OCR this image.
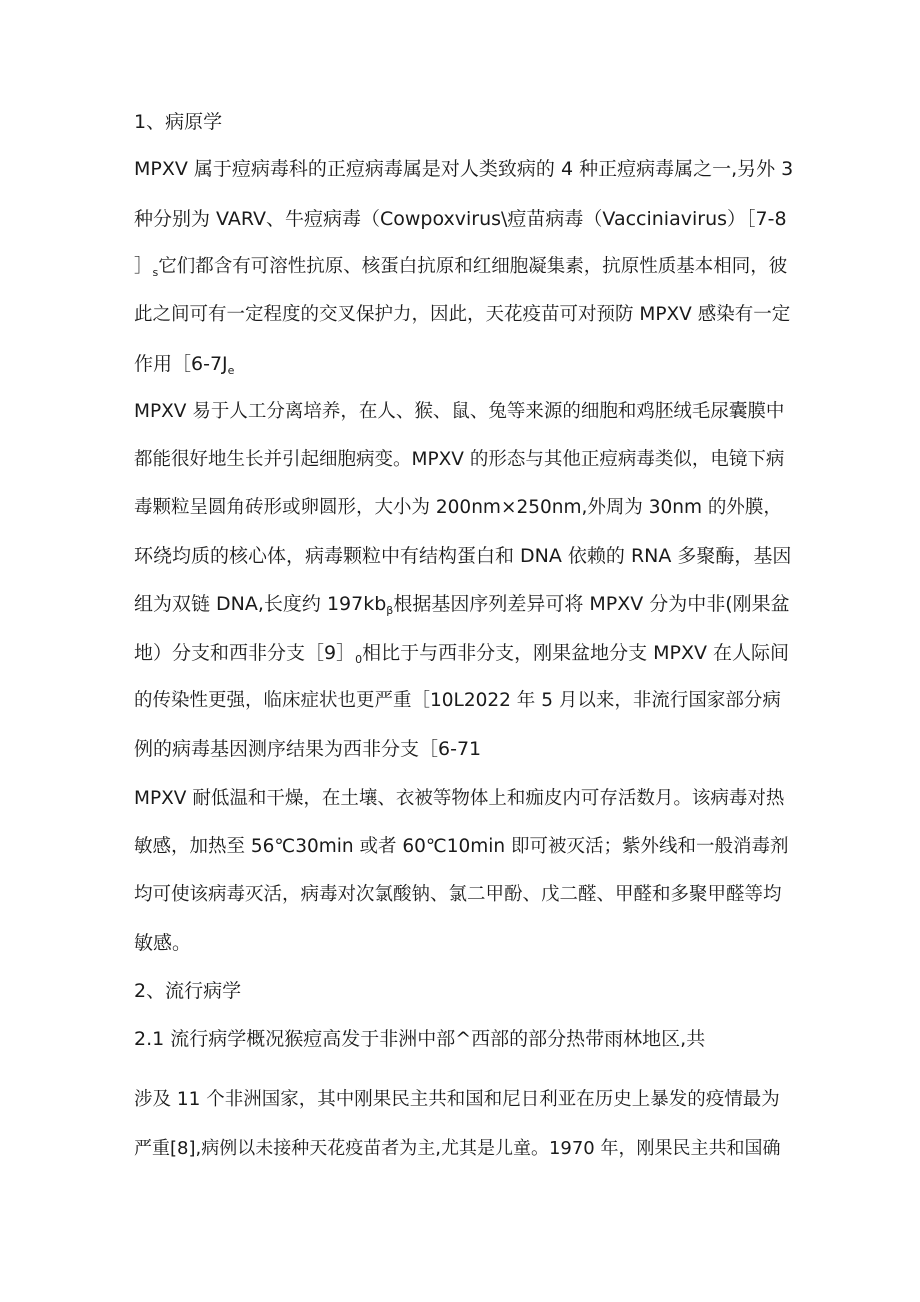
1、病原学
MPXV 属于痘病毒科的正痘病毒属是对人类致病的 4 种正痘病毒属之一,另外 3
种分别为 VARV、牛痘病毒（Cowpoxvirus\痘苗病毒（Vacciniavirus）［7-8
$]_s$它们都含有可溶性抗原、核蛋白抗原和红细胞凝集素，抗原性质基本相同，彼
此之间可有一定程度的交叉保护力，因此，天花疫苗可对预防 MPXV 感染有一定
作用$[6-7J_e$
MPXV 易于人工分离培养，在人、猴、鼠、兔等来源的细胞和鸡胚绒毛尿囊膜中
都能很好地生长并引起细胞病变。MPXV 的形态与其他正痘病毒类似，电镜下病
毒颗粒呈圆角砖形或卵圆形，大小为 200nm×250nm,外周为 30nm 的外膜，
环绕均质的核心体，病毒颗粒中有结构蛋白和 DNA 依赖的 RNA 多聚酶，基因
组为双链 DNA,长度约 $197kb_\beta$根据基因序列差异可将 MPXV 分为中非(刚果盆
地）分支和西非分支$[9]_0$相比于与西非分支，刚果盆地分支 MPXV 在人际间
的传染性更强，临床症状也更严重［10L2022 年 5 月以来，非流行国家部分病
例的病毒基因测序结果为西非分支［6-71
MPXV 耐低温和干燥，在土壤、衣被等物体上和痂皮内可存活数月。该病毒对热
敏感，加热至 56℃30min 或者 60℃10min 即可被灭活；紫外线和一般消毒剂
均可使该病毒灭活，病毒对次氯酸钠、氯二甲酚、戊二醛、甲醛和多聚甲醛等均
敏感。
2、流行病学
2.1 流行病学概况猴痘高发于非洲中部^西部的部分热带雨林地区,共
涉及 11 个非洲国家，其中刚果民主共和国和尼日利亚在历史上暴发的疫情最为
严重[8],病例以未接种天花疫苗者为主,尤其是儿童。1970 年，刚果民主共和国确
